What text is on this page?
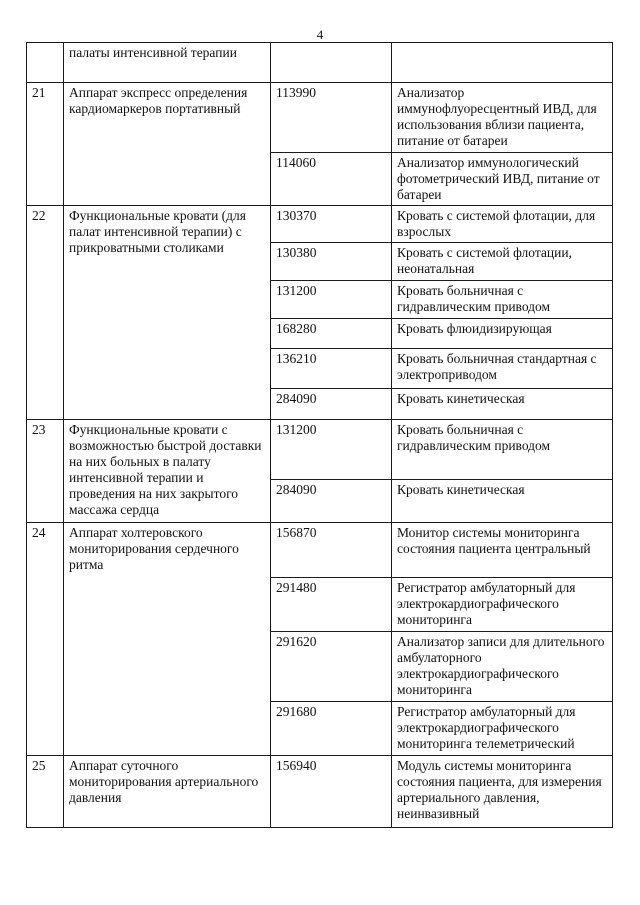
4
	палаты интенсивной терапии		
21	Аппарат экспресс определения кардиомаркеров портативный	113990	Анализатор иммунофлуоресцентный ИВД, для использования вблизи пациента, питание от батареи
		114060	Анализатор иммунологический фотометрический ИВД, питание от батареи
22	Функциональные кровати (для палат интенсивной терапии) с прикроватными столиками	130370	Кровать с системой флотации, для взрослых
		130380	Кровать с системой флотации, неонатальная
		131200	Кровать больничная с гидравлическим приводом
		168280	Кровать флюидизирующая
		136210	Кровать больничная стандартная с электроприводом
		284090	Кровать кинетическая
23	Функциональные кровати с возможностью быстрой доставки на них больных в палату интенсивной терапии и проведения на них закрытого массажа сердца	131200	Кровать больничная с гидравлическим приводом
		284090	Кровать кинетическая
24	Аппарат холтеровского мониторирования сердечного ритма	156870	Монитор системы мониторинга состояния пациента центральный
		291480	Регистратор амбулаторный для электрокардиографического мониторинга
		291620	Анализатор записи для длительного амбулаторного электрокардиографического мониторинга
		291680	Регистратор амбулаторный для электрокардиографического мониторинга телеметрический
25	Аппарат суточного мониторирования артериального давления	156940	Модуль системы мониторинга состояния пациента, для измерения артериального давления, неинвазивный
